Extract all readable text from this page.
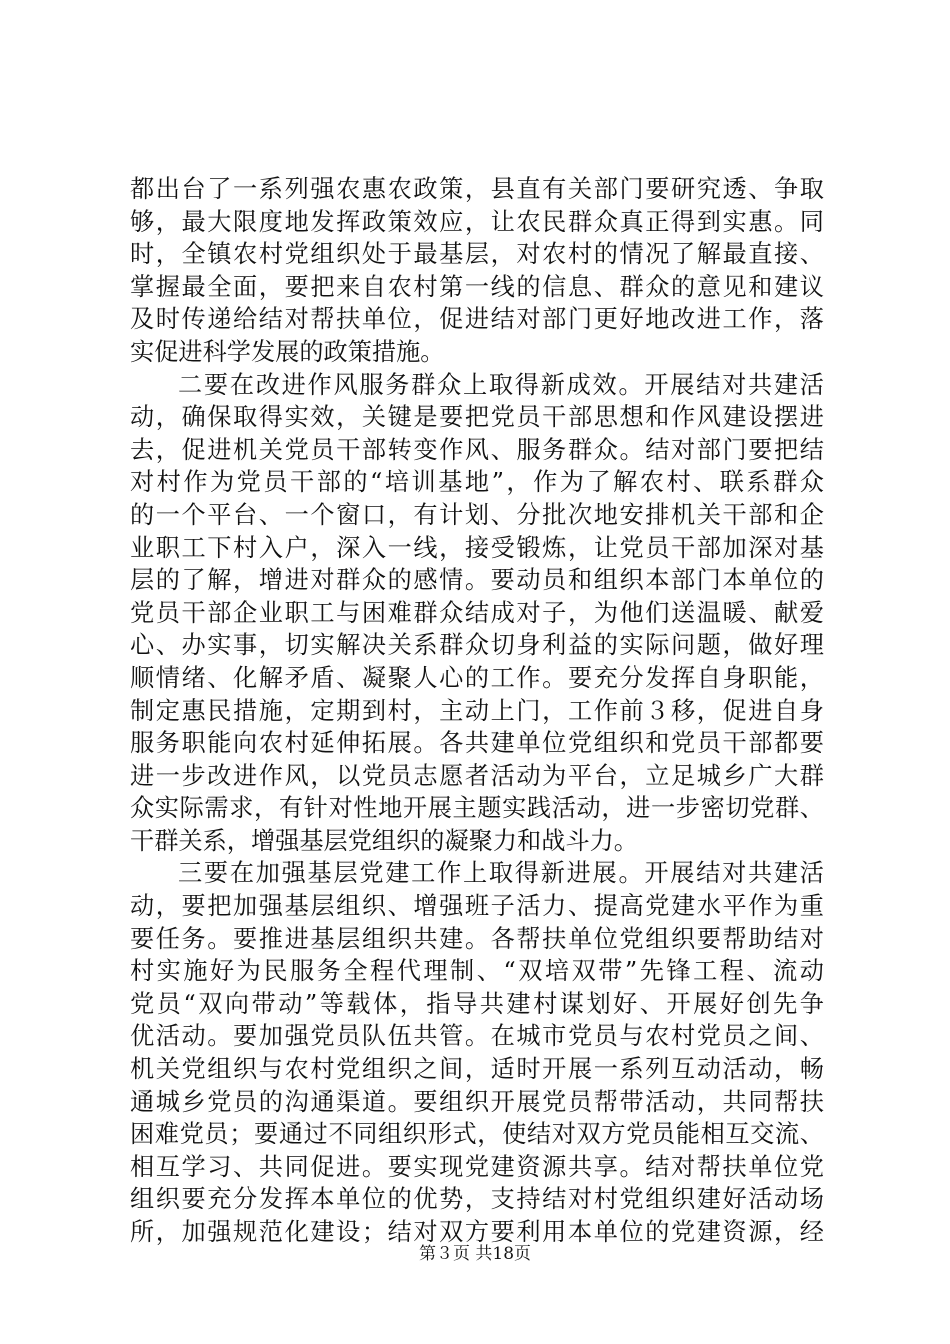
都出台了一系列强农惠农政策，县直有关部门要研究透、争取
够，最大限度地发挥政策效应，让农民群众真正得到实惠。同
时，全镇农村党组织处于最基层，对农村的情况了解最直接、
掌握最全面，要把来自农村第一线的信息、群众的意见和建议
及时传递给结对帮扶单位，促进结对部门更好地改进工作，落
实促进科学发展的政策措施。
二要在改进作风服务群众上取得新成效。开展结对共建活
动，确保取得实效，关键是要把党员干部思想和作风建设摆进
去，促进机关党员干部转变作风、服务群众。结对部门要把结
对村作为党员干部的“培训基地”，作为了解农村、联系群众
的一个平台、一个窗口，有计划、分批次地安排机关干部和企
业职工下村入户，深入一线，接受锻炼，让党员干部加深对基
层的了解，增进对群众的感情。要动员和组织本部门本单位的
党员干部企业职工与困难群众结成对子，为他们送温暖、献爱
心、办实事，切实解决关系群众切身利益的实际问题，做好理
顺情绪、化解矛盾、凝聚人心的工作。要充分发挥自身职能，
制定惠民措施，定期到村，主动上门，工作前３移，促进自身
服务职能向农村延伸拓展。各共建单位党组织和党员干部都要
进一步改进作风，以党员志愿者活动为平台，立足城乡广大群
众实际需求，有针对性地开展主题实践活动，进一步密切党群、
干群关系，增强基层党组织的凝聚力和战斗力。
三要在加强基层党建工作上取得新进展。开展结对共建活
动，要把加强基层组织、增强班子活力、提高党建水平作为重
要任务。要推进基层组织共建。各帮扶单位党组织要帮助结对
村实施好为民服务全程代理制、“双培双带”先锋工程、流动
党员“双向带动”等载体，指导共建村谋划好、开展好创先争
优活动。要加强党员队伍共管。在城市党员与农村党员之间、
机关党组织与农村党组织之间，适时开展一系列互动活动，畅
通城乡党员的沟通渠道。要组织开展党员帮带活动，共同帮扶
困难党员；要通过不同组织形式，使结对双方党员能相互交流、
相互学习、共同促进。要实现党建资源共享。结对帮扶单位党
组织要充分发挥本单位的优势，支持结对村党组织建好活动场
所，加强规范化建设；结对双方要利用本单位的党建资源，经
第３页 共18页
